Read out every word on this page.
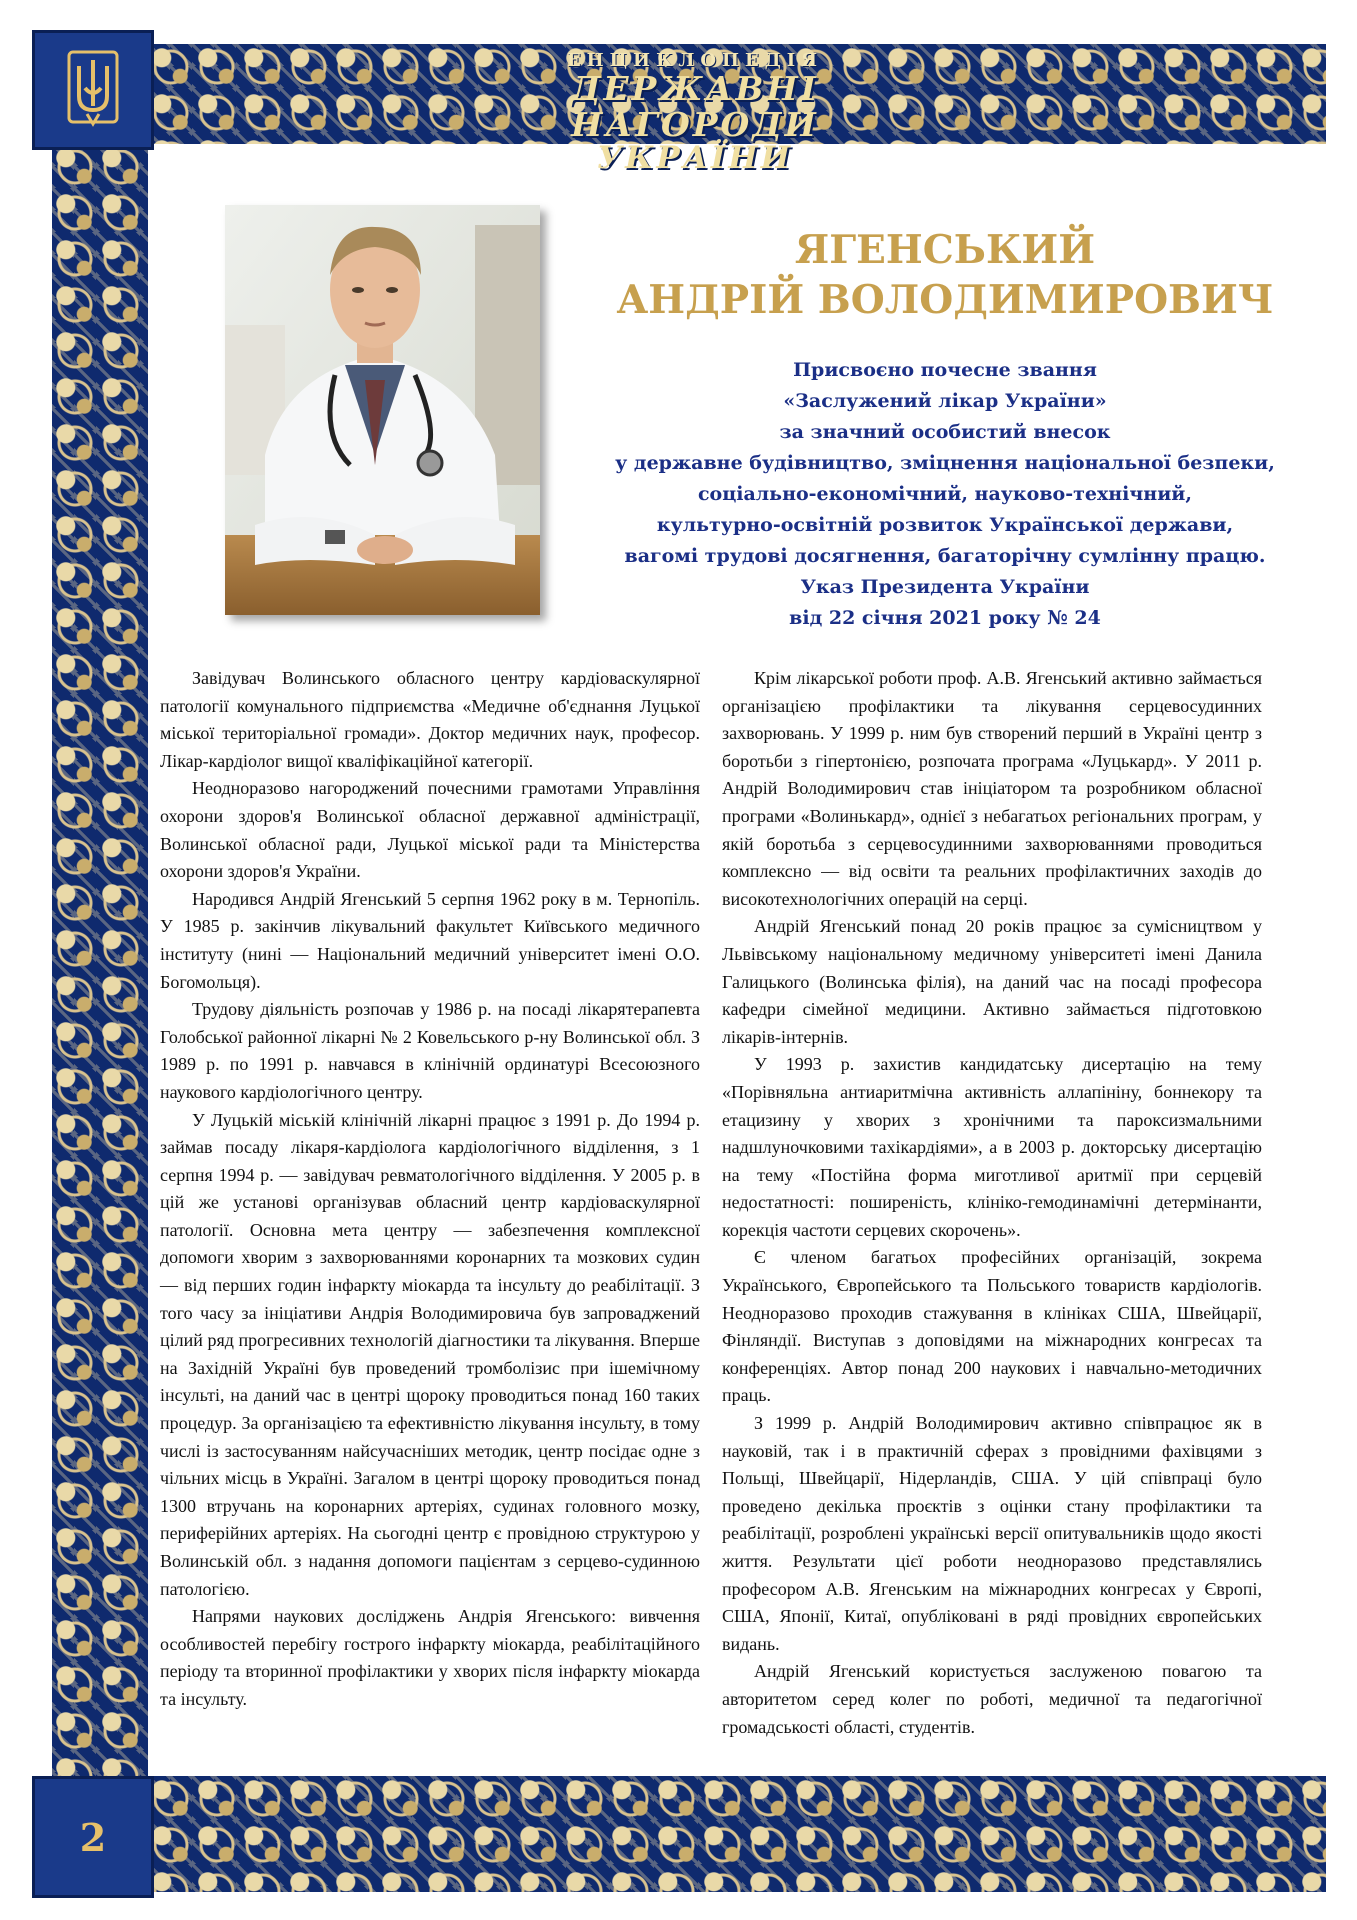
ЕНЦИКЛОПЕДІЯ
ДЕРЖАВНІ НАГОРОДИ
УКРАЇНИ
ЯГЕНСЬКИЙ
АНДРІЙ ВОЛОДИМИРОВИЧ
Присвоєно почесне звання
«Заслужений лікар України»
за значний особистий внесок
у державне будівництво, зміцнення національної безпеки,
соціально-економічний, науково-технічний,
культурно-освітній розвиток Української держави,
вагомі трудові досягнення, багаторічну сумлінну працю.
Указ Президента України
від 22 січня 2021 року № 24

Завідувач Волинського обласного центру кардіоваскулярної патології комунального підприємства «Медичне об'єднання Луцької міської територіальної громади». Доктор медичних наук, професор. Лікар-кардіолог вищої кваліфікаційної категорії.

Неодноразово нагороджений почесними грамотами Управління охорони здоров'я Волинської обласної державної адміністрації, Волинської обласної ради, Луцької міської ради та Міністерства охорони здоров'я України.

Народився Андрій Ягенський 5 серпня 1962 року в м. Тернопіль. У 1985 р. закінчив лікувальний факультет Київського медичного інституту (нині — Національний медичний університет імені О.О. Богомольця).

Трудову діяльність розпочав у 1986 р. на посаді лікарятерапевта Голобської районної лікарні № 2 Ковельського р-ну Волинської обл. З 1989 р. по 1991 р. навчався в клінічній ординатурі Всесоюзного наукового кардіологічного центру.

У Луцькій міській клінічній лікарні працює з 1991 р. До 1994 р. займав посаду лікаря-кардіолога кардіологічного відділення, з 1 серпня 1994 р. — завідувач ревматологічного відділення. У 2005 р. в цій же установі організував обласний центр кардіоваскулярної патології. Основна мета центру — забезпечення комплексної допомоги хворим з захворюваннями коронарних та мозкових судин — від перших годин інфаркту міокарда та інсульту до реабілітації. З того часу за ініціативи Андрія Володимировича був запроваджений цілий ряд прогресивних технологій діагностики та лікування. Вперше на Західній Україні був проведений тромболізис при ішемічному інсульті, на даний час в центрі щороку проводиться понад 160 таких процедур. За організацією та ефективністю лікування інсульту, в тому числі із застосуванням найсучасніших методик, центр посідає одне з чільних місць в Україні. Загалом в центрі щороку проводиться понад 1300 втручань на коронарних артеріях, судинах головного мозку, периферійних артеріях. На сьогодні центр є провідною структурою у Волинській обл. з надання допомоги пацієнтам з серцево-судинною патологією.

Напрями наукових досліджень Андрія Ягенського: вивчення особливостей перебігу гострого інфаркту міокарда, реабілітаційного періоду та вторинної профілактики у хворих після інфаркту міокарда та інсульту.

Крім лікарської роботи проф. А.В. Ягенський активно займається організацією профілактики та лікування серцевосудинних захворювань. У 1999 р. ним був створений перший в Україні центр з боротьби з гіпертонією, розпочата програма «Луцькард». У 2011 р. Андрій Володимирович став ініціатором та розробником обласної програми «Волинькард», однієї з небагатьох регіональних програм, у якій боротьба з серцевосудинними захворюваннями проводиться комплексно — від освіти та реальних профілактичних заходів до високотехнологічних операцій на серці.

Андрій Ягенський понад 20 років працює за сумісництвом у Львівському національному медичному університеті імені Данила Галицького (Волинська філія), на даний час на посаді професора кафедри сімейної медицини. Активно займається підготовкою лікарів-інтернів.

У 1993 р. захистив кандидатську дисертацію на тему «Порівняльна антиаритмічна активність аллапініну, боннекору та етацизину у хворих з хронічними та пароксизмальними надшлуночковими тахікардіями», а в 2003 р. докторську дисертацію на тему «Постійна форма миготливої аритмії при серцевій недостатності: поширеність, клініко-гемодинамічні детермінанти, корекція частоти серцевих скорочень».

Є членом багатьох професійних організацій, зокрема Українського, Європейського та Польського товариств кардіологів. Неодноразово проходив стажування в клініках США, Швейцарії, Фінляндії. Виступав з доповідями на міжнародних конгресах та конференціях. Автор понад 200 наукових і навчально-методичних праць.

З 1999 р. Андрій Володимирович активно співпрацює як в науковій, так і в практичній сферах з провідними фахівцями з Польщі, Швейцарії, Нідерландів, США. У цій співпраці було проведено декілька проєктів з оцінки стану профілактики та реабілітації, розроблені українські версії опитувальників щодо якості життя. Результати цієї роботи неодноразово представлялись професором А.В. Ягенським на міжнародних конгресах у Європі, США, Японії, Китаї, опубліковані в ряді провідних європейських видань.

Андрій Ягенський користується заслуженою повагою та авторитетом серед колег по роботі, медичної та педагогічної громадськості області, студентів.

2
